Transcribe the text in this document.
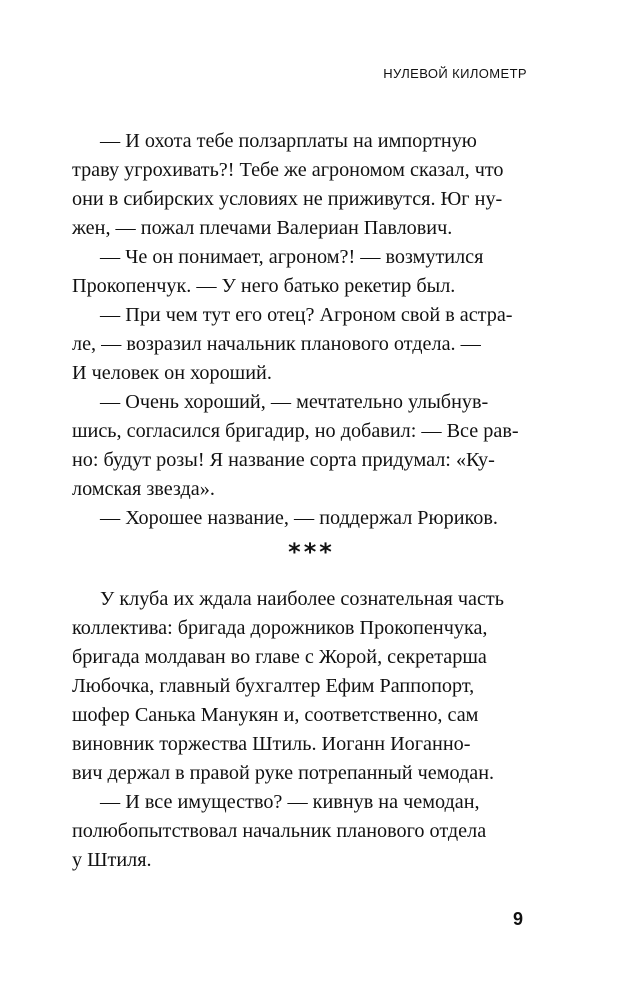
НУЛЕВОЙ КИЛОМЕТР
— И охота тебе ползарплаты на импортную
траву угрохивать?! Тебе же агрономом сказал, что
они в сибирских условиях не приживутся. Юг ну-
жен, — пожал плечами Валериан Павлович.
— Че он понимает, агроном?! — возмутился
Прокопенчук. — У него батько рекетир был.
— При чем тут его отец? Агроном свой в астра-
ле, — возразил начальник планового отдела. —
И человек он хороший.
— Очень хороший, — мечтательно улыбнув-
шись, согласился бригадир, но добавил: — Все рав-
но: будут розы! Я название сорта придумал: «Ку-
ломская звезда».
— Хорошее название, — поддержал Рюриков.
***
У клуба их ждала наиболее сознательная часть
коллектива: бригада дорожников Прокопенчука,
бригада молдаван во главе с Жорой, секретарша
Любочка, главный бухгалтер Ефим Раппопорт,
шофер Санька Манукян и, соответственно, сам
виновник торжества Штиль. Иоганн Иоганно-
вич держал в правой руке потрепанный чемодан.
— И все имущество? — кивнув на чемодан,
полюбопытствовал начальник планового отдела
у Штиля.
9
